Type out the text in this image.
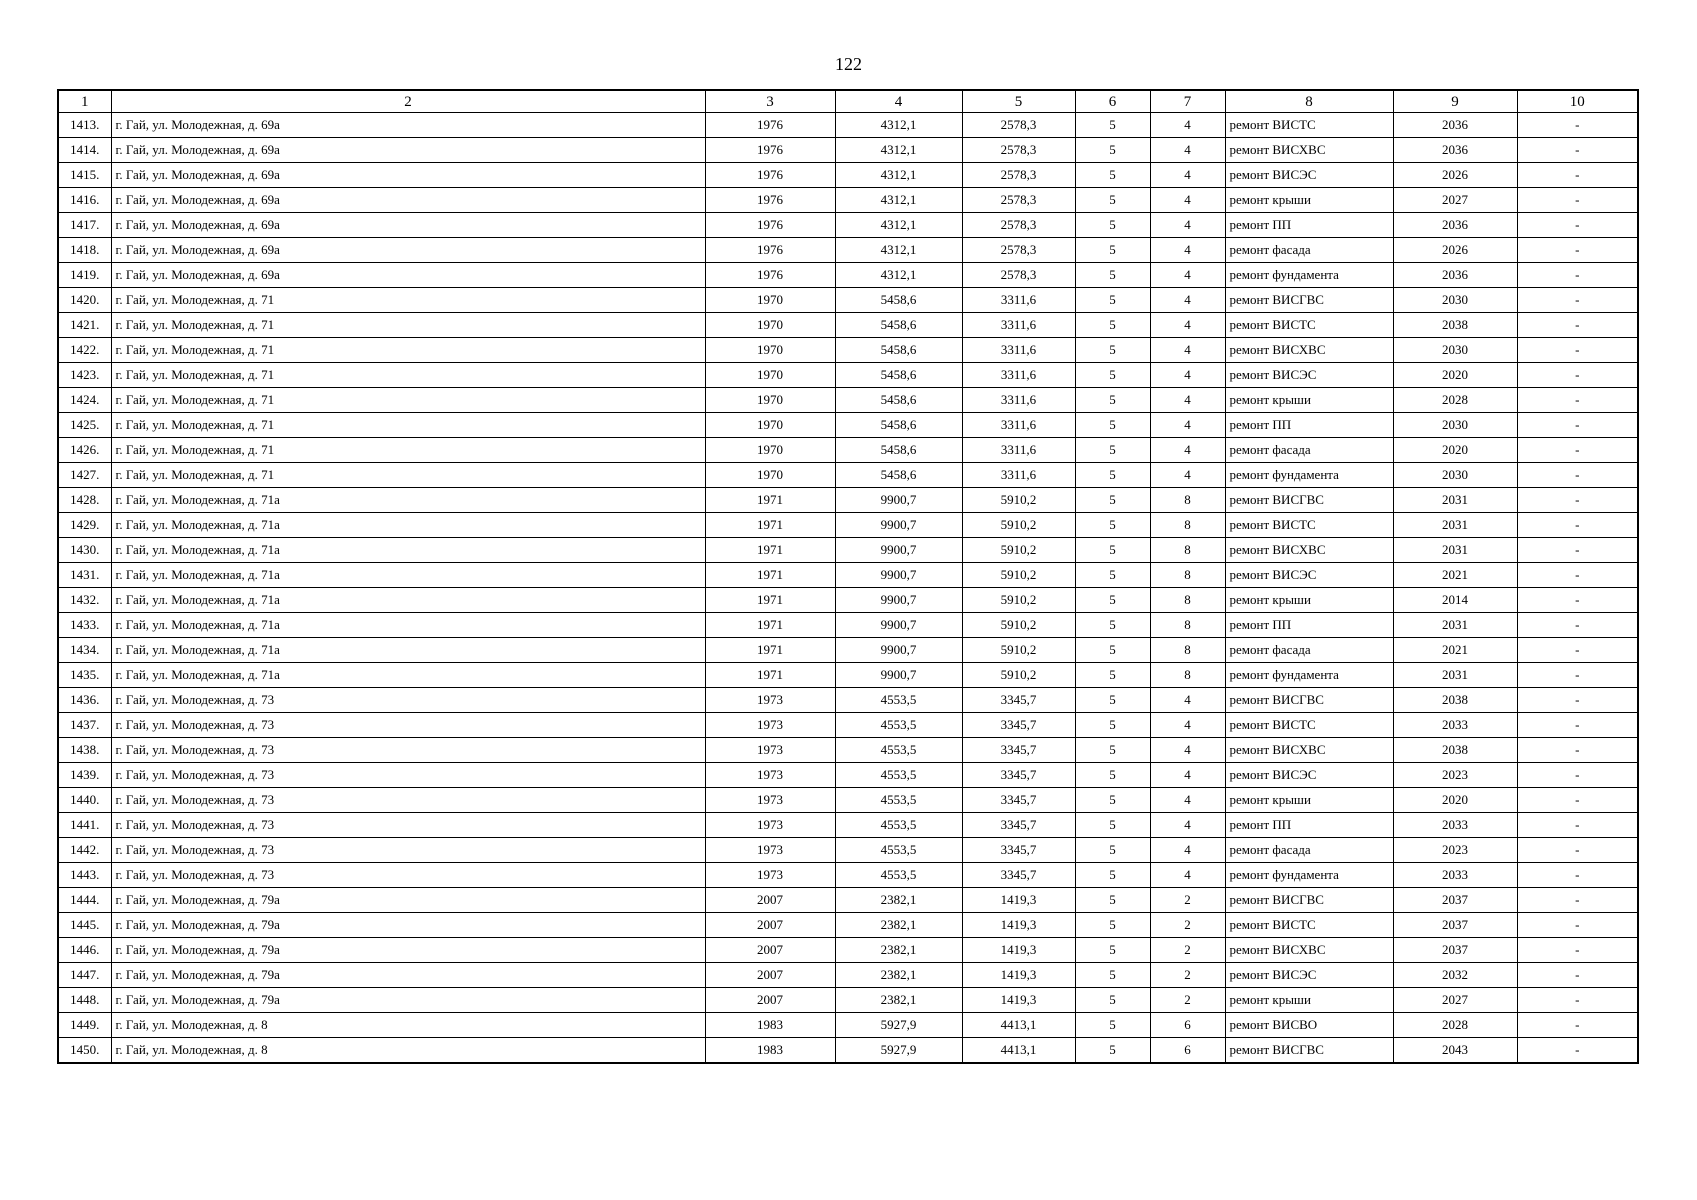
122
1	2	3	4	5	6	7	8	9	10
1413.	г. Гай, ул. Молодежная, д. 69а	1976	4312,1	2578,3	5	4	ремонт ВИСТС	2036	-
1414.	г. Гай, ул. Молодежная, д. 69а	1976	4312,1	2578,3	5	4	ремонт ВИСХВС	2036	-
1415.	г. Гай, ул. Молодежная, д. 69а	1976	4312,1	2578,3	5	4	ремонт ВИСЭС	2026	-
1416.	г. Гай, ул. Молодежная, д. 69а	1976	4312,1	2578,3	5	4	ремонт крыши	2027	-
1417.	г. Гай, ул. Молодежная, д. 69а	1976	4312,1	2578,3	5	4	ремонт ПП	2036	-
1418.	г. Гай, ул. Молодежная, д. 69а	1976	4312,1	2578,3	5	4	ремонт фасада	2026	-
1419.	г. Гай, ул. Молодежная, д. 69а	1976	4312,1	2578,3	5	4	ремонт фундамента	2036	-
1420.	г. Гай, ул. Молодежная, д. 71	1970	5458,6	3311,6	5	4	ремонт ВИСГВС	2030	-
1421.	г. Гай, ул. Молодежная, д. 71	1970	5458,6	3311,6	5	4	ремонт ВИСТС	2038	-
1422.	г. Гай, ул. Молодежная, д. 71	1970	5458,6	3311,6	5	4	ремонт ВИСХВС	2030	-
1423.	г. Гай, ул. Молодежная, д. 71	1970	5458,6	3311,6	5	4	ремонт ВИСЭС	2020	-
1424.	г. Гай, ул. Молодежная, д. 71	1970	5458,6	3311,6	5	4	ремонт крыши	2028	-
1425.	г. Гай, ул. Молодежная, д. 71	1970	5458,6	3311,6	5	4	ремонт ПП	2030	-
1426.	г. Гай, ул. Молодежная, д. 71	1970	5458,6	3311,6	5	4	ремонт фасада	2020	-
1427.	г. Гай, ул. Молодежная, д. 71	1970	5458,6	3311,6	5	4	ремонт фундамента	2030	-
1428.	г. Гай, ул. Молодежная, д. 71а	1971	9900,7	5910,2	5	8	ремонт ВИСГВС	2031	-
1429.	г. Гай, ул. Молодежная, д. 71а	1971	9900,7	5910,2	5	8	ремонт ВИСТС	2031	-
1430.	г. Гай, ул. Молодежная, д. 71а	1971	9900,7	5910,2	5	8	ремонт ВИСХВС	2031	-
1431.	г. Гай, ул. Молодежная, д. 71а	1971	9900,7	5910,2	5	8	ремонт ВИСЭС	2021	-
1432.	г. Гай, ул. Молодежная, д. 71а	1971	9900,7	5910,2	5	8	ремонт крыши	2014	-
1433.	г. Гай, ул. Молодежная, д. 71а	1971	9900,7	5910,2	5	8	ремонт ПП	2031	-
1434.	г. Гай, ул. Молодежная, д. 71а	1971	9900,7	5910,2	5	8	ремонт фасада	2021	-
1435.	г. Гай, ул. Молодежная, д. 71а	1971	9900,7	5910,2	5	8	ремонт фундамента	2031	-
1436.	г. Гай, ул. Молодежная, д. 73	1973	4553,5	3345,7	5	4	ремонт ВИСГВС	2038	-
1437.	г. Гай, ул. Молодежная, д. 73	1973	4553,5	3345,7	5	4	ремонт ВИСТС	2033	-
1438.	г. Гай, ул. Молодежная, д. 73	1973	4553,5	3345,7	5	4	ремонт ВИСХВС	2038	-
1439.	г. Гай, ул. Молодежная, д. 73	1973	4553,5	3345,7	5	4	ремонт ВИСЭС	2023	-
1440.	г. Гай, ул. Молодежная, д. 73	1973	4553,5	3345,7	5	4	ремонт крыши	2020	-
1441.	г. Гай, ул. Молодежная, д. 73	1973	4553,5	3345,7	5	4	ремонт ПП	2033	-
1442.	г. Гай, ул. Молодежная, д. 73	1973	4553,5	3345,7	5	4	ремонт фасада	2023	-
1443.	г. Гай, ул. Молодежная, д. 73	1973	4553,5	3345,7	5	4	ремонт фундамента	2033	-
1444.	г. Гай, ул. Молодежная, д. 79а	2007	2382,1	1419,3	5	2	ремонт ВИСГВС	2037	-
1445.	г. Гай, ул. Молодежная, д. 79а	2007	2382,1	1419,3	5	2	ремонт ВИСТС	2037	-
1446.	г. Гай, ул. Молодежная, д. 79а	2007	2382,1	1419,3	5	2	ремонт ВИСХВС	2037	-
1447.	г. Гай, ул. Молодежная, д. 79а	2007	2382,1	1419,3	5	2	ремонт ВИСЭС	2032	-
1448.	г. Гай, ул. Молодежная, д. 79а	2007	2382,1	1419,3	5	2	ремонт крыши	2027	-
1449.	г. Гай, ул. Молодежная, д. 8	1983	5927,9	4413,1	5	6	ремонт ВИСВО	2028	-
1450.	г. Гай, ул. Молодежная, д. 8	1983	5927,9	4413,1	5	6	ремонт ВИСГВС	2043	-
